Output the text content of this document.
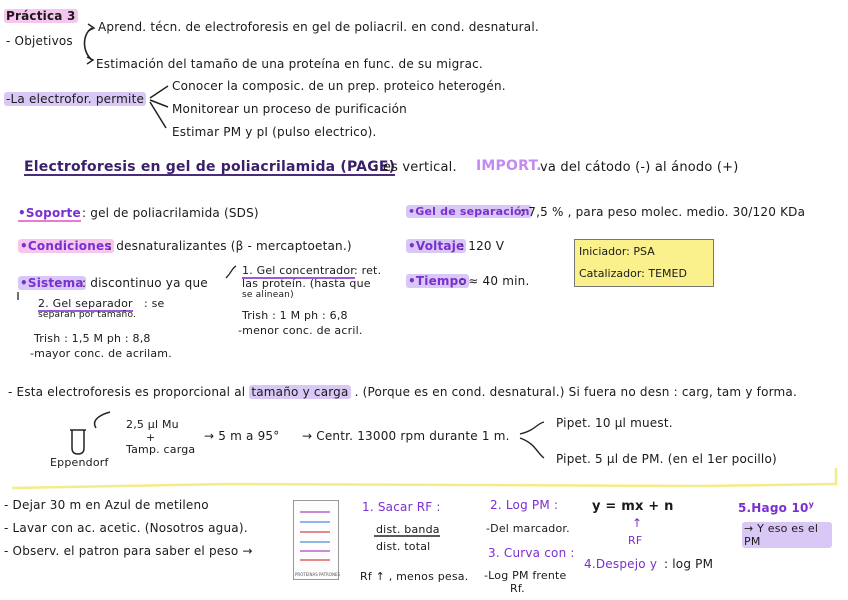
Práctica 3
- Objetivos
Aprend. técn. de electroforesis en gel de poliacril. en cond. desnatural.
Estimación del tamaño de una proteína en func. de su migrac.
-La electrofor. permite
Conocer la composic. de un prep. proteico heterogén.
Monitorear un proceso de purificación
Estimar PM y pI (pulso electrico).
Electroforesis en gel de poliacrilamida (PAGE)
: es vertical. IMPORT.
va del cátodo (-) al ánodo (+)
•Soporte : gel de poliacrilamida (SDS)
•Condiciones
: desnaturalizantes (β - mercaptoetan.)
•Sistema
: discontinuo ya que
1. Gel concentrador : ret.
las proteín. (hasta que
se alinean)
Trish : 1 M ph : 6,8
-menor conc. de acril.
2. Gel separador : se
separan por tamaño.
Trish : 1,5 M ph : 8,8
-mayor conc. de acrilam.
•Gel de separación
: 7,5 % , para peso molec. medio. 30/120 KDa
•Voltaje
: 120 V
•Tiempo
: ≈ 40 min.
Iniciador: PSA
Catalizador: TEMED
- Esta electroforesis es proporcional al tamaño y carga . (Porque es en cond. desnatural.) Si fuera no desn : carg, tam y forma.
Eppendorf
2,5 µl Mu
+
Tamp. carga
→ 5 m a 95° → Centr. 13000 rpm durante 1 m.
Pipet. 10 µl muest.
Pipet. 5 µl de PM. (en el 1er pocillo)
- Dejar 30 m en Azul de metileno
- Lavar con ac. acetic. (Nosotros agua).
- Observ. el patron para saber el peso →
PROTEINAS PATRONES
1. Sacar RF :
dist. banda
dist. total
Rf ↑ , menos pesa.
2. Log PM :
-Del marcador.
3. Curva con :
-Log PM frente
Rf.
y = mx + n
↑
RF
4.Despejo y : log PM
5.Hago $10^y$
→ Y eso es el PM
